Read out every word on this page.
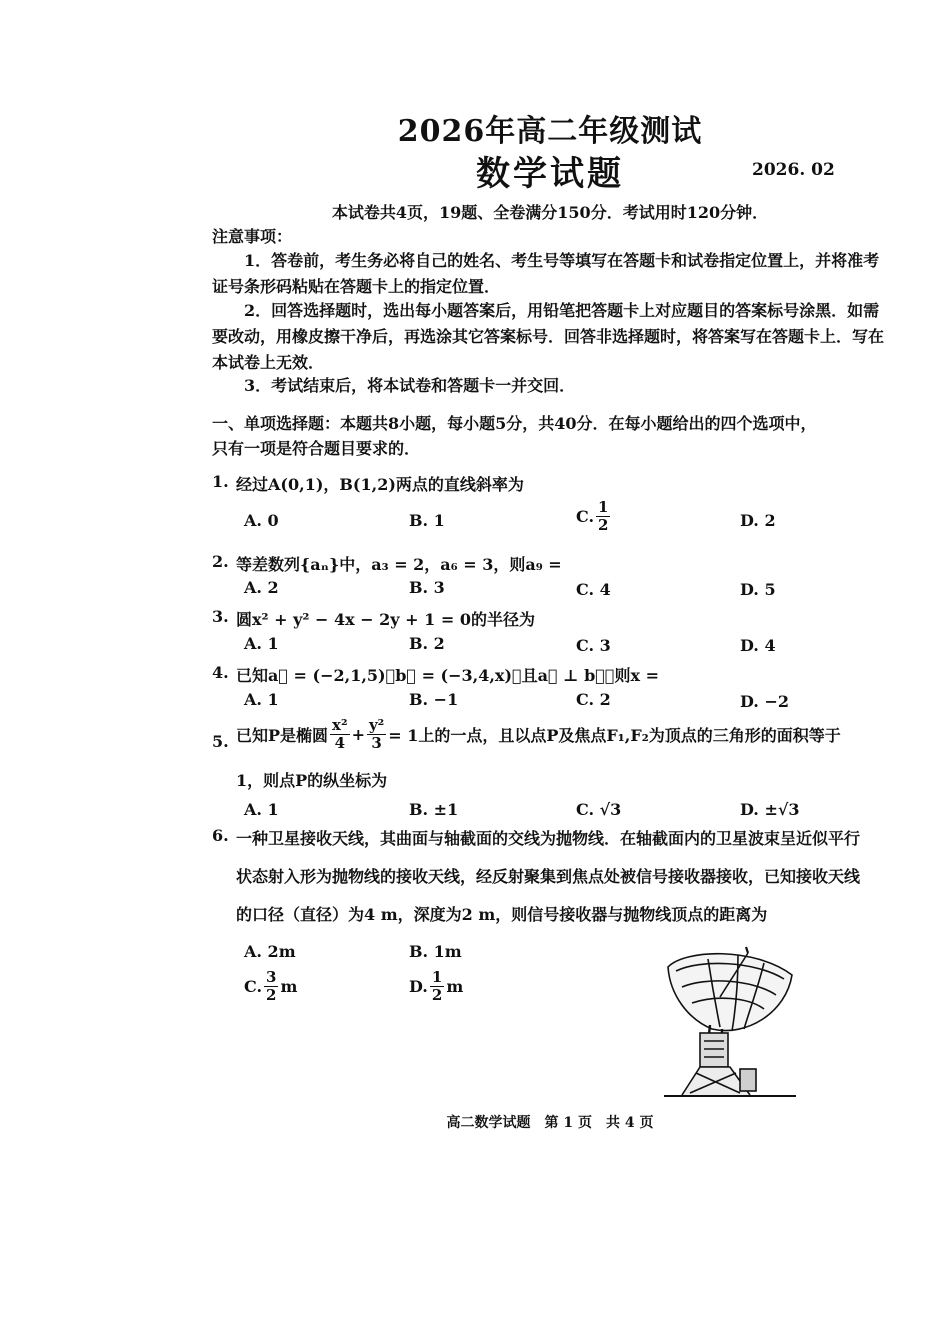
2026年高二年级测试
数学试题	2026. 02
本试卷共4页，19题、全卷满分150分．考试用时120分钟．
注意事项：
1．答卷前，考生务必将自己的姓名、考生号等填写在答题卡和试卷指定位置上，并将准考证号条形码粘贴在答题卡上的指定位置．
2．回答选择题时，选出每小题答案后，用铅笔把答题卡上对应题目的答案标号涂黑．如需要改动，用橡皮擦干净后，再选涂其它答案标号．回答非选择题时，将答案写在答题卡上．写在本试卷上无效．
3．考试结束后，将本试卷和答题卡一并交回．
一、单项选择题：本题共8小题，每小题5分，共40分．在每小题给出的四个选项中，
只有一项是符合题目要求的．
1. 经过A(0,1)，B(1,2)两点的直线斜率为
A. 0	B. 1	C. $\frac{1}{2}$	D. 2
2. 等差数列{aₙ}中，a₃ = 2，a₆ = 3，则a₉ =
A. 2	B. 3	C. 4	D. 5
3. 圆x² + y² − 4x − 2y + 1 = 0的半径为
A. 1	B. 2	C. 3	D. 4
4. 已知a⃗ = (−2,1,5)，b⃗ = (−3,4,x)，且a⃗ ⊥ b⃗，则x =
A. 1	B. −1	C. 2	D. −2
5. 已知P是椭圆 $\frac{\text{x²}}{4} + \frac{\text{y²}}{3} = 1$上的一点，且以点P及焦点F₁,F₂为顶点的三角形的面积等于
1，则点P的纵坐标为
A. 1	B. ±1	C. √3	D. ±√3
6. 一种卫星接收天线，其曲面与轴截面的交线为抛物线．在轴截面内的卫星波束呈近似平行
状态射入形为抛物线的接收天线，经反射聚集到焦点处被信号接收器接收，已知接收天线
的口径（直径）为4 m，深度为2 m，则信号接收器与抛物线顶点的距离为
A. 2m	B. 1m
C. $\frac{3}{2}$ m	D. $\frac{1}{2}$ m
高二数学试题　第 1 页　共 4 页
